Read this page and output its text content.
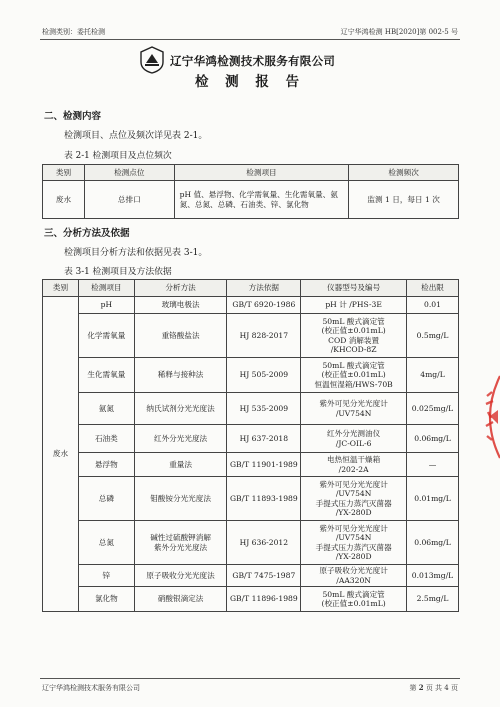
检测类别：委托检测	辽宁华鸿检测 HB[2020]第 002-5 号
辽宁华鸿检测技术服务有限公司
检 测 报 告
二、检测内容
检测项目、点位及频次详见表 2-1。
表 2-1 检测项目及点位频次
类别	检测点位	检测项目	检测频次
废水	总排口	pH 值、悬浮物、化学需氧量、生化需氧量、氨氮、总氮、总磷、石油类、锌、氯化物	监测 1 日，每日 1 次
三、分析方法及依据
检测项目分析方法和依据见表 3-1。
表 3-1 检测项目及方法依据
类别	检测项目	分析方法	方法依据	仪器型号及编号	检出限
废水	pH	玻璃电极法	GB/T 6920-1986	pH 计 /PHS-3E	0.01
	化学需氧量	重铬酸盐法	HJ 828-2017	50mL 酸式滴定管
(校正值±0.01mL)
COD 消解装置
/KHCOD-8Z	0.5mg/L
	生化需氧量	稀释与接种法	HJ 505-2009	50mL 酸式滴定管
(校正值±0.01mL)
恒温恒湿箱/HWS-70B	4mg/L
	氨氮	纳氏试剂分光光度法	HJ 535-2009	紫外可见分光光度计
/UV754N	0.025mg/L
	石油类	红外分光光度法	HJ 637-2018	红外分光测油仪
/JC-OIL-6	0.06mg/L
	悬浮物	重量法	GB/T 11901-1989	电热恒温干燥箱
/202-2A	—
	总磷	钼酸铵分光光度法	GB/T 11893-1989	紫外可见分光光度计
/UV754N
手提式压力蒸汽灭菌器
/YX-280D	0.01mg/L
	总氮	碱性过硫酸钾消解
紫外分光光度法	HJ 636-2012	紫外可见分光光度计
/UV754N
手提式压力蒸汽灭菌器
/YX-280D	0.06mg/L
	锌	原子吸收分光光度法	GB/T 7475-1987	原子吸收分光光度计
/AA320N	0.013mg/L
	氯化物	硝酸银滴定法	GB/T 11896-1989	50mL 酸式滴定管
(校正值±0.01mL)	2.5mg/L
辽宁华鸿检测技术服务有限公司	第 2 页 共 4 页
